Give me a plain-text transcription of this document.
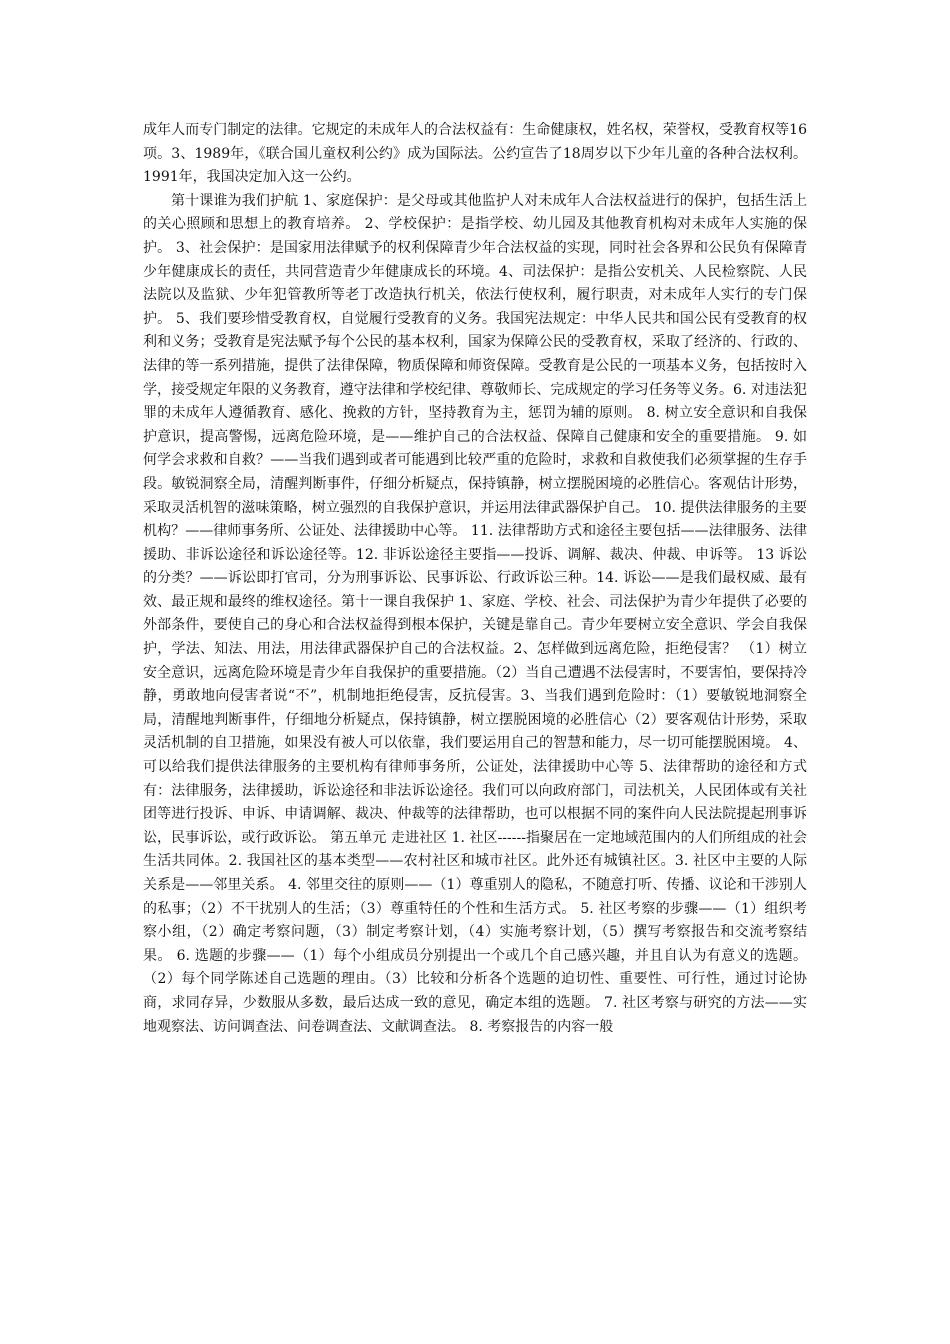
成年人而专门制定的法律。它规定的未成年人的合法权益有：生命健康权，姓名权，荣誉权，受教育权等16项。3、1989年，《联合国儿童权利公约》成为国际法。公约宣告了18周岁以下少年儿童的各种合法权利。1991年，我国决定加入这一公约。

第十课谁为我们护航 1、家庭保护：是父母或其他监护人对未成年人合法权益进行的保护，包括生活上的关心照顾和思想上的教育培养。 2、学校保护：是指学校、幼儿园及其他教育机构对未成年人实施的保护。 3、社会保护：是国家用法律赋予的权利保障青少年合法权益的实现，同时社会各界和公民负有保障青少年健康成长的责任，共同营造青少年健康成长的环境。4、司法保护：是指公安机关、人民检察院、人民法院以及监狱、少年犯管教所等老丁改造执行机关，依法行使权利，履行职责，对未成年人实行的专门保护。 5、我们要珍惜受教育权，自觉履行受教育的义务。我国宪法规定：中华人民共和国公民有受教育的权利和义务；受教育是宪法赋予每个公民的基本权利，国家为保障公民的受教育权，采取了经济的、行政的、法律的等一系列措施，提供了法律保障，物质保障和师资保障。受教育是公民的一项基本义务，包括按时入学，接受规定年限的义务教育，遵守法律和学校纪律、尊敬师长、完成规定的学习任务等义务。6. 对违法犯罪的未成年人遵循教育、感化、挽救的方针，坚持教育为主，惩罚为辅的原则。 8. 树立安全意识和自我保护意识，提高警惕，远离危险环境，是——维护自己的合法权益、保障自己健康和安全的重要措施。 9. 如何学会求救和自救？——当我们遇到或者可能遇到比较严重的危险时，求救和自救使我们必须掌握的生存手段。敏锐洞察全局，清醒判断事件，仔细分析疑点，保持镇静，树立摆脱困境的必胜信心。客观估计形势，采取灵活机智的滋味策略，树立强烈的自我保护意识，并运用法律武器保护自己。 10. 提供法律服务的主要机构？——律师事务所、公证处、法律援助中心等。 11. 法律帮助方式和途径主要包括——法律服务、法律援助、非诉讼途径和诉讼途径等。12. 非诉讼途径主要指——投诉、调解、裁决、仲裁、申诉等。 13 诉讼的分类？——诉讼即打官司，分为刑事诉讼、民事诉讼、行政诉讼三种。14. 诉讼——是我们最权威、最有效、最正规和最终的维权途径。第十一课自我保护 1、家庭、学校、社会、司法保护为青少年提供了必要的外部条件，要使自己的身心和合法权益得到根本保护，关键是靠自己。青少年要树立安全意识、学会自我保护，学法、知法、用法，用法律武器保护自己的合法权益。2、怎样做到远离危险，拒绝侵害？ （1）树立安全意识，远离危险环境是青少年自我保护的重要措施。（2）当自己遭遇不法侵害时，不要害怕，要保持冷静，勇敢地向侵害者说“不”，机制地拒绝侵害，反抗侵害。3、当我们遇到危险时：（1）要敏锐地洞察全局，清醒地判断事件，仔细地分析疑点，保持镇静，树立摆脱困境的必胜信心（2）要客观估计形势，采取灵活机制的自卫措施，如果没有被人可以依靠，我们要运用自己的智慧和能力，尽一切可能摆脱困境。 4、可以给我们提供法律服务的主要机构有律师事务所，公证处，法律援助中心等 5、法律帮助的途径和方式有：法律服务，法律援助，诉讼途径和非法诉讼途径。我们可以向政府部门，司法机关，人民团体或有关社团等进行投诉、申诉、申请调解、裁决、仲裁等的法律帮助，也可以根据不同的案件向人民法院提起刑事诉讼，民事诉讼，或行政诉讼。 第五单元 走进社区 1. 社区------指聚居在一定地域范围内的人们所组成的社会生活共同体。2. 我国社区的基本类型——农村社区和城市社区。此外还有城镇社区。3. 社区中主要的人际关系是——邻里关系。 4. 邻里交往的原则——（1）尊重别人的隐私，不随意打听、传播、议论和干涉别人的私事；（2）不干扰别人的生活；（3）尊重特任的个性和生活方式。 5. 社区考察的步骤——（1）组织考察小组，（2）确定考察问题，（3）制定考察计划，（4）实施考察计划，（5）撰写考察报告和交流考察结果。 6. 选题的步骤——（1）每个小组成员分别提出一个或几个自己感兴趣，并且自认为有意义的选题。（2）每个同学陈述自己选题的理由。（3）比较和分析各个选题的迫切性、重要性、可行性，通过讨论协商，求同存异，少数服从多数，最后达成一致的意见，确定本组的选题。 7. 社区考察与研究的方法——实地观察法、访问调查法、问卷调查法、文献调查法。 8. 考察报告的内容一般
